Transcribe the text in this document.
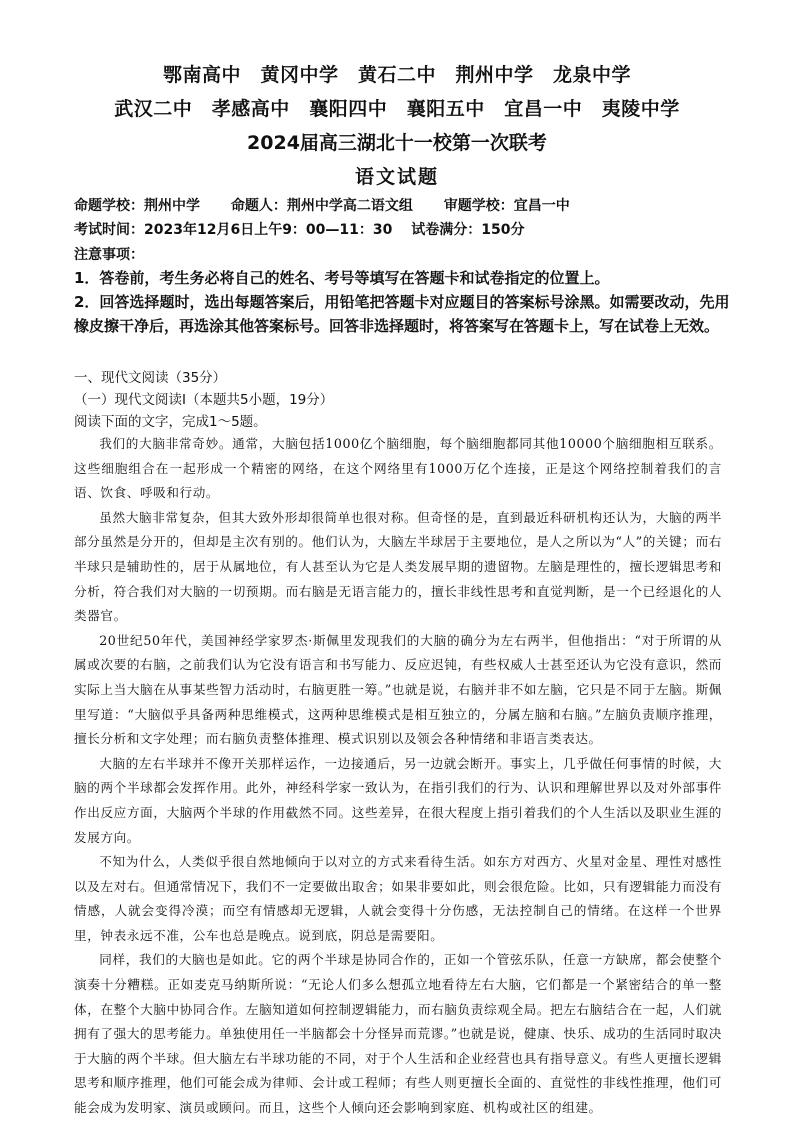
鄂南高中　黄冈中学　黄石二中　荆州中学　龙泉中学
武汉二中　孝感高中　襄阳四中　襄阳五中　宜昌一中　夷陵中学
2024届高三湖北十一校第一次联考
语文试题
命题学校：荆州中学 命题人：荆州中学高二语文组 审题学校：宜昌一中
考试时间：2023年12月6日上午9：00—11：30 试卷满分：150分
注意事项：
1．答卷前，考生务必将自己的姓名、考号等填写在答题卡和试卷指定的位置上。
2．回答选择题时，选出每题答案后，用铅笔把答题卡对应题目的答案标号涂黑。如需要改动，先用橡皮擦干净后，再选涂其他答案标号。回答非选择题时，将答案写在答题卡上，写在试卷上无效。
一、现代文阅读（35分）
（一）现代文阅读Ⅰ（本题共5小题，19分）
阅读下面的文字，完成1～5题。

我们的大脑非常奇妙。通常，大脑包括1000亿个脑细胞，每个脑细胞都同其他10000个脑细胞相互联系。这些细胞组合在一起形成一个精密的网络，在这个网络里有1000万亿个连接，正是这个网络控制着我们的言语、饮食、呼吸和行动。

虽然大脑非常复杂，但其大致外形却很简单也很对称。但奇怪的是，直到最近科研机构还认为，大脑的两半部分虽然是分开的，但却是主次有别的。他们认为，大脑左半球居于主要地位，是人之所以为“人”的关键；而右半球只是辅助性的，居于从属地位，有人甚至认为它是人类发展早期的遗留物。左脑是理性的，擅长逻辑思考和分析，符合我们对大脑的一切预期。而右脑是无语言能力的，擅长非线性思考和直觉判断，是一个已经退化的人类器官。

20世纪50年代，美国神经学家罗杰·斯佩里发现我们的大脑的确分为左右两半，但他指出：“对于所谓的从属或次要的右脑，之前我们认为它没有语言和书写能力、反应迟钝，有些权威人士甚至还认为它没有意识，然而实际上当大脑在从事某些智力活动时，右脑更胜一筹。”也就是说，右脑并非不如左脑，它只是不同于左脑。斯佩里写道：“大脑似乎具备两种思维模式，这两种思维模式是相互独立的，分属左脑和右脑。”左脑负责顺序推理，擅长分析和文字处理；而右脑负责整体推理、模式识别以及领会各种情绪和非语言类表达。

大脑的左右半球并不像开关那样运作，一边接通后，另一边就会断开。事实上，几乎做任何事情的时候，大脑的两个半球都会发挥作用。此外，神经科学家一致认为，在指引我们的行为、认识和理解世界以及对外部事件作出反应方面，大脑两个半球的作用截然不同。这些差异，在很大程度上指引着我们的个人生活以及职业生涯的发展方向。

不知为什么，人类似乎很自然地倾向于以对立的方式来看待生活。如东方对西方、火星对金星、理性对感性以及左对右。但通常情况下，我们不一定要做出取舍；如果非要如此，则会很危险。比如，只有逻辑能力而没有情感，人就会变得冷漠；而空有情感却无逻辑，人就会变得十分伤感，无法控制自己的情绪。在这样一个世界里，钟表永远不准，公车也总是晚点。说到底，阴总是需要阳。

同样，我们的大脑也是如此。它的两个半球是协同合作的，正如一个管弦乐队，任意一方缺席，都会使整个演奏十分糟糕。正如麦克马纳斯所说：“无论人们多么想孤立地看待左右大脑，它们都是一个紧密结合的单一整体，在整个大脑中协同合作。左脑知道如何控制逻辑能力，而右脑负责综观全局。把左右脑结合在一起，人们就拥有了强大的思考能力。单独使用任一半脑都会十分怪异而荒谬。”也就是说，健康、快乐、成功的生活同时取决于大脑的两个半球。但大脑左右半球功能的不同，对于个人生活和企业经营也具有指导意义。有些人更擅长逻辑思考和顺序推理，他们可能会成为律师、会计或工程师；有些人则更擅长全面的、直觉性的非线性推理，他们可能会成为发明家、演员或顾问。而且，这些个人倾向还会影响到家庭、机构或社区的组建。
